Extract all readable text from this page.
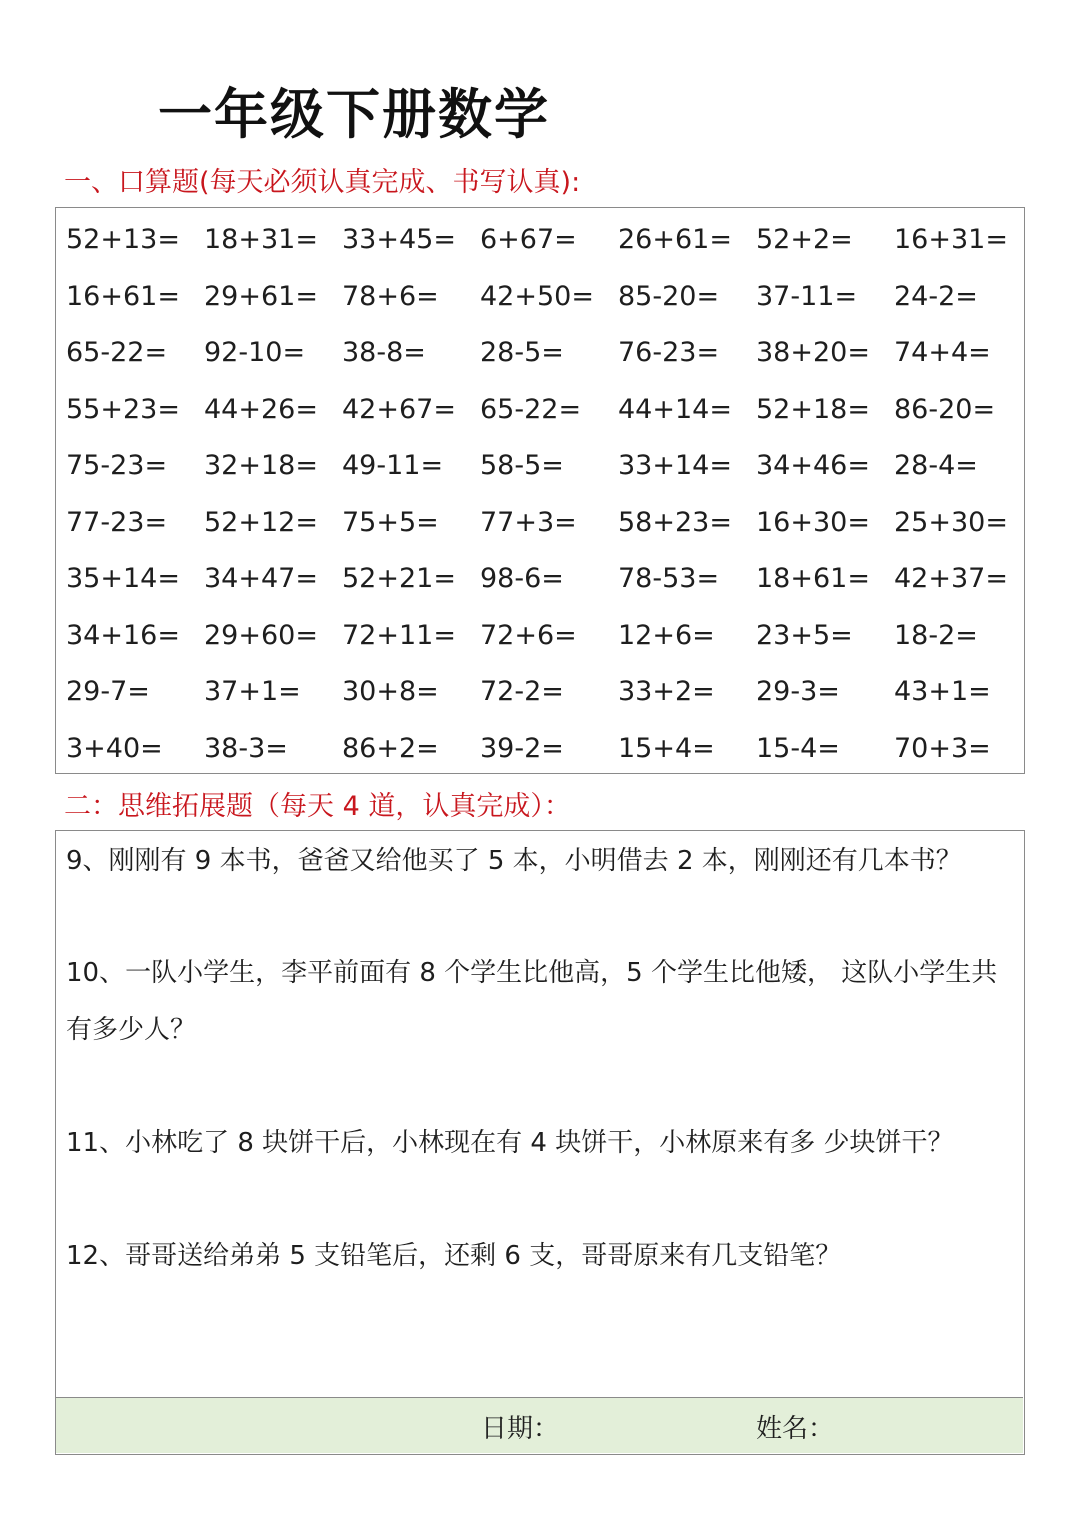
一年级下册数学
一、口算题(每天必须认真完成、书写认真):
52+13= 18+31= 33+45= 6+67=	26+61= 52+2=	16+31=
16+61= 29+61= 78+6=	42+50= 85-20=	37-11=	24-2=
65-22=	92-10=	38-8=	28-5=	76-23=	38+20= 74+4=
55+23= 44+26= 42+67= 65-22=	44+14= 52+18= 86-20=
75-23=	32+18= 49-11=	58-5=	33+14= 34+46= 28-4=
77-23=	52+12= 75+5=	77+3=	58+23= 16+30= 25+30=
35+14= 34+47= 52+21= 98-6=	78-53=	18+61= 42+37=
34+16= 29+60= 72+11= 72+6=	12+6=	23+5=	18-2=
29-7=	37+1=	30+8=	72-2=	33+2=	29-3=	43+1=
3+40=	38-3=	86+2=	39-2=	15+4=	15-4=	70+3=
二：思维拓展题（每天 4 道，认真完成）：
9、刚刚有 9 本书，爸爸又给他买了 5 本，小明借去 2 本，刚刚还有几本书？
10、一队小学生，李平前面有 8 个学生比他高，5 个学生比他矮， 这队小学生共有多少人？
11、小林吃了 8 块饼干后，小林现在有 4 块饼干，小林原来有多 少块饼干？
12、哥哥送给弟弟 5 支铅笔后，还剩 6 支，哥哥原来有几支铅笔？
日期：	姓名：
